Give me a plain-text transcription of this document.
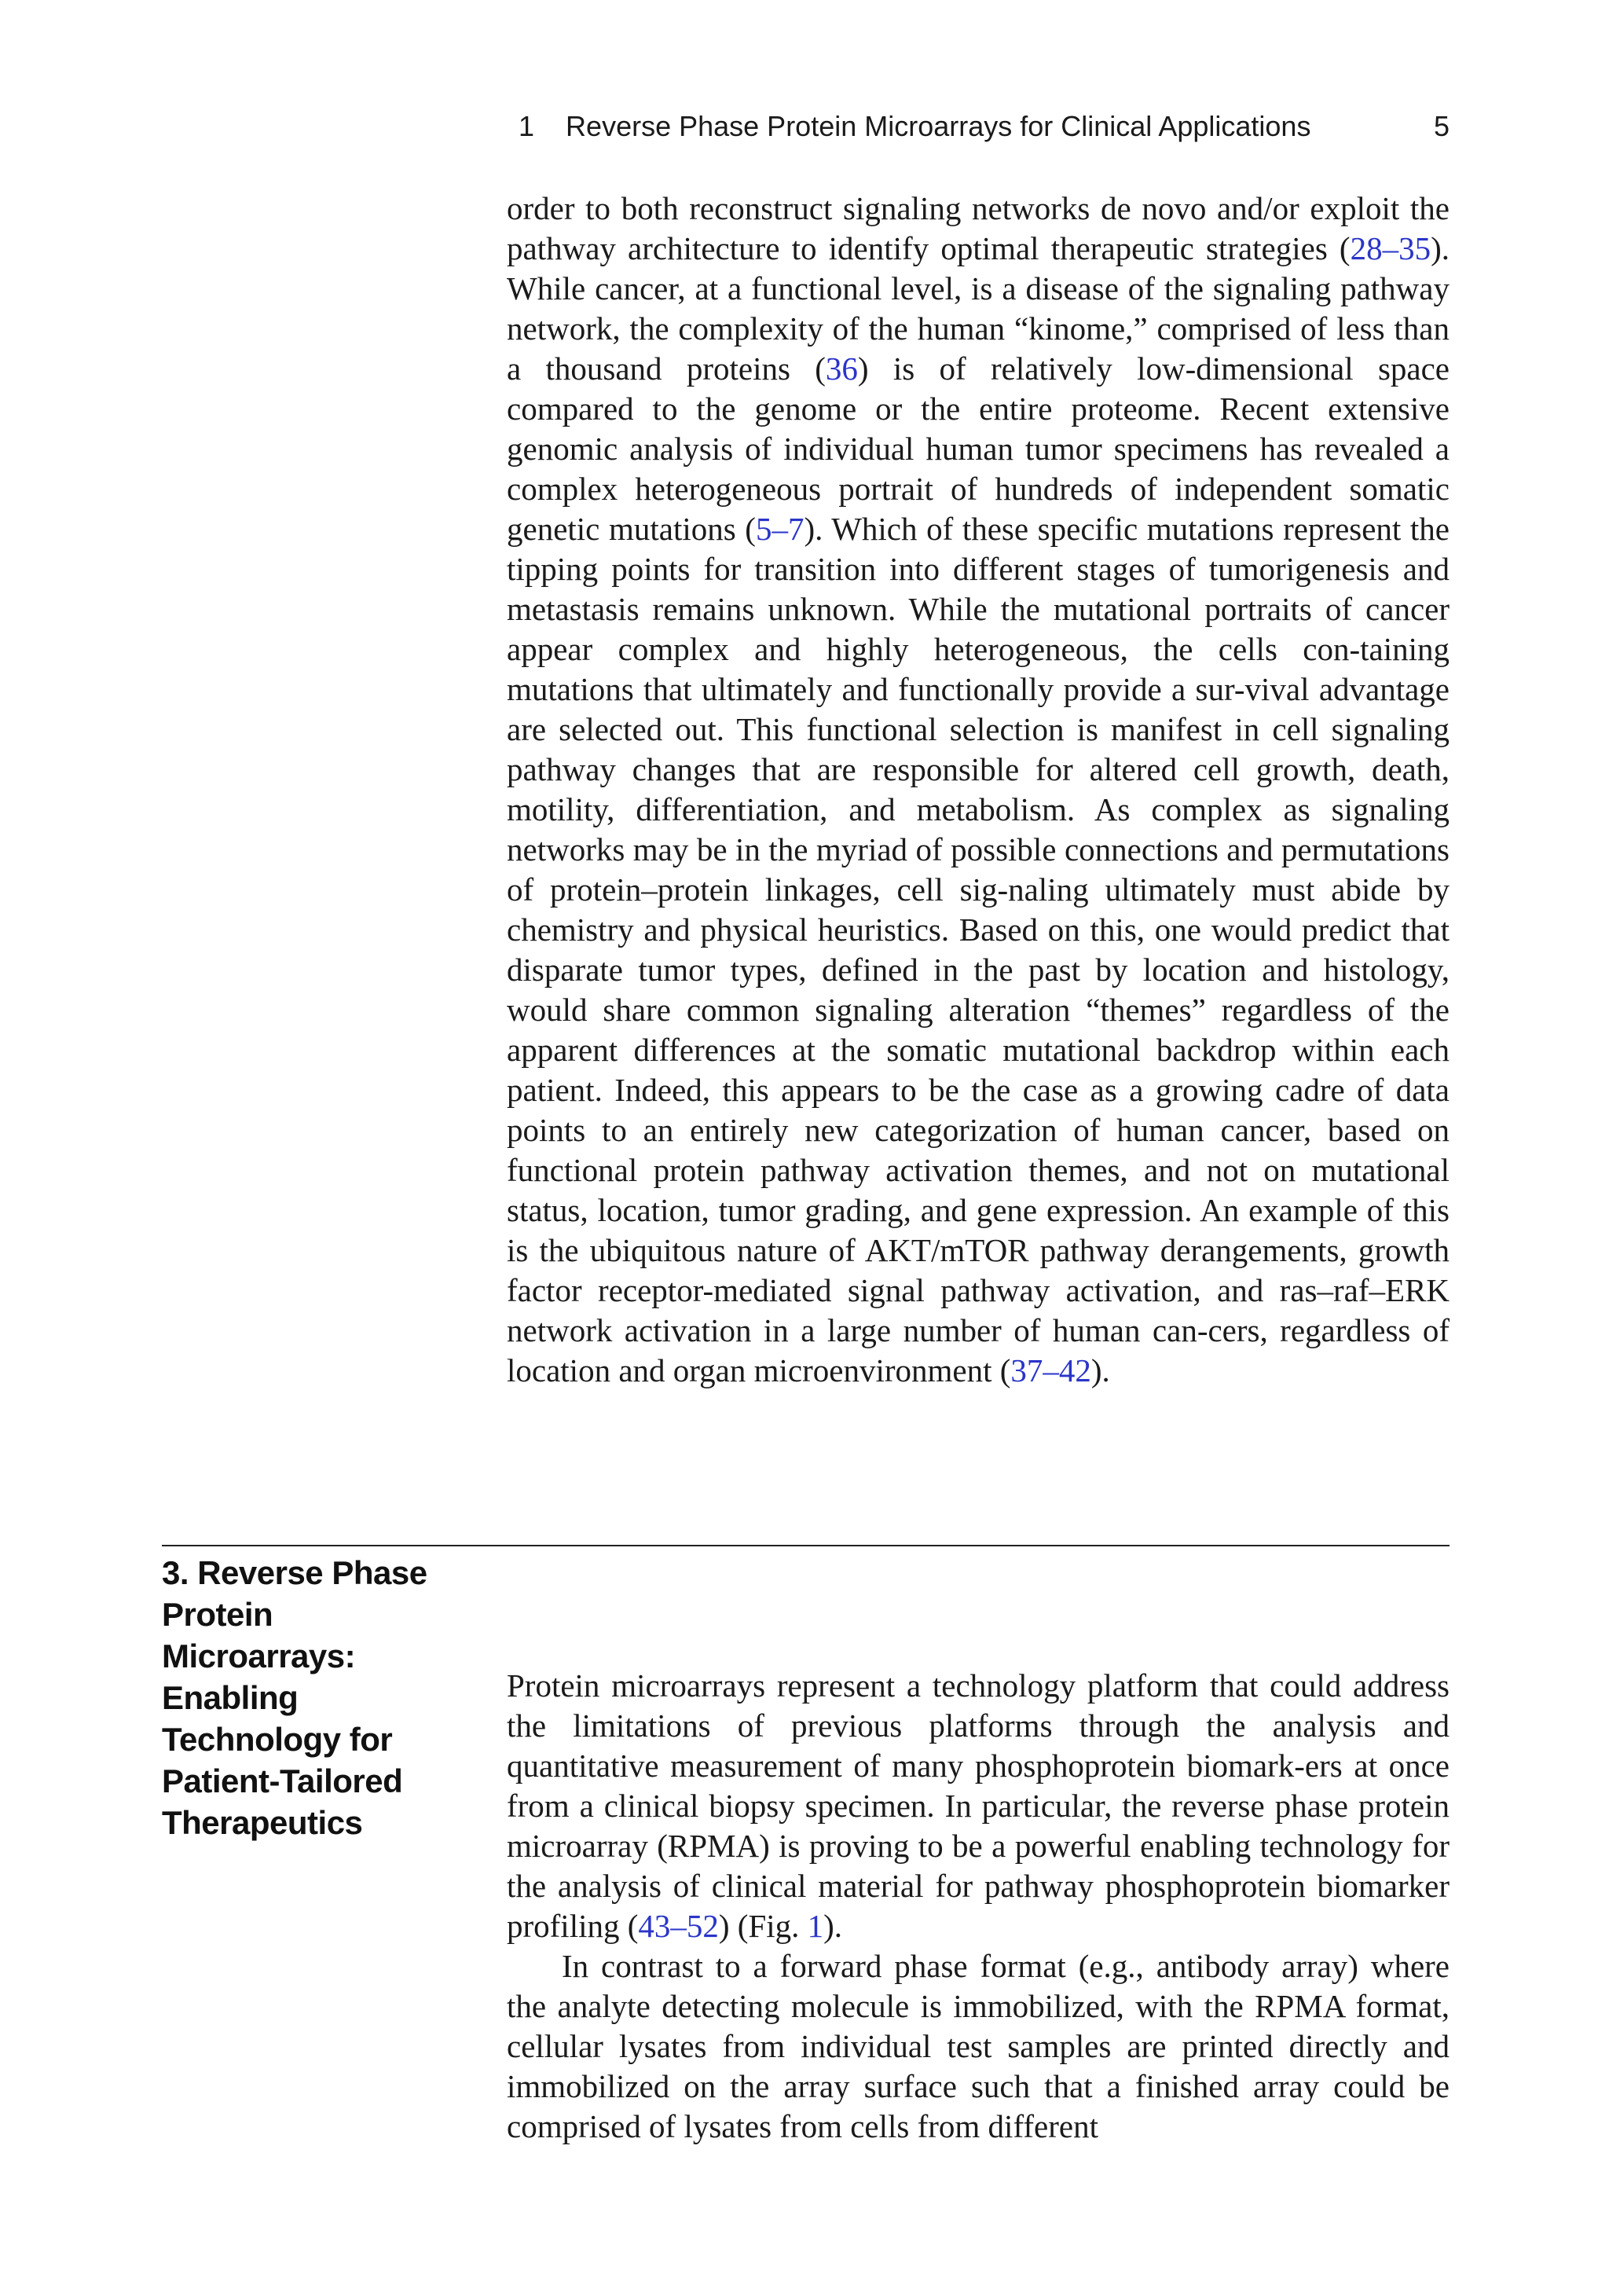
1 Reverse Phase Protein Microarrays for Clinical Applications	5

order to both reconstruct signaling networks de novo and/or exploit the pathway architecture to identify optimal therapeutic strategies (28–35). While cancer, at a functional level, is a disease of the signaling pathway network, the complexity of the human “kinome,” comprised of less than a thousand proteins (36) is of relatively low-dimensional space compared to the genome or the entire proteome. Recent extensive genomic analysis of individual human tumor specimens has revealed a complex heterogeneous portrait of hundreds of independent somatic genetic mutations (5–7). Which of these specific mutations represent the tipping points for transition into different stages of tumorigenesis and metastasis remains unknown. While the mutational portraits of cancer appear complex and highly heterogeneous, the cells con-taining mutations that ultimately and functionally provide a sur-vival advantage are selected out. This functional selection is manifest in cell signaling pathway changes that are responsible for altered cell growth, death, motility, differentiation, and metabolism. As complex as signaling networks may be in the myriad of possible connections and permutations of protein–protein linkages, cell sig-naling ultimately must abide by chemistry and physical heuristics. Based on this, one would predict that disparate tumor types, defined in the past by location and histology, would share common signaling alteration “themes” regardless of the apparent differences at the somatic mutational backdrop within each patient. Indeed, this appears to be the case as a growing cadre of data points to an entirely new categorization of human cancer, based on functional protein pathway activation themes, and not on mutational status, location, tumor grading, and gene expression. An example of this is the ubiquitous nature of AKT/mTOR pathway derangements, growth factor receptor-mediated signal pathway activation, and ras–raf–ERK network activation in a large number of human can-cers, regardless of location and organ microenvironment (37–42).

3. Reverse Phase Protein Microarrays: Enabling Technology for Patient-Tailored Therapeutics

Protein microarrays represent a technology platform that could address the limitations of previous platforms through the analysis and quantitative measurement of many phosphoprotein biomark-ers at once from a clinical biopsy specimen. In particular, the reverse phase protein microarray (RPMA) is proving to be a powerful enabling technology for the analysis of clinical material for pathway phosphoprotein biomarker profiling (43–52) (Fig. 1).

In contrast to a forward phase format (e.g., antibody array) where the analyte detecting molecule is immobilized, with the RPMA format, cellular lysates from individual test samples are printed directly and immobilized on the array surface such that a finished array could be comprised of lysates from cells from different
